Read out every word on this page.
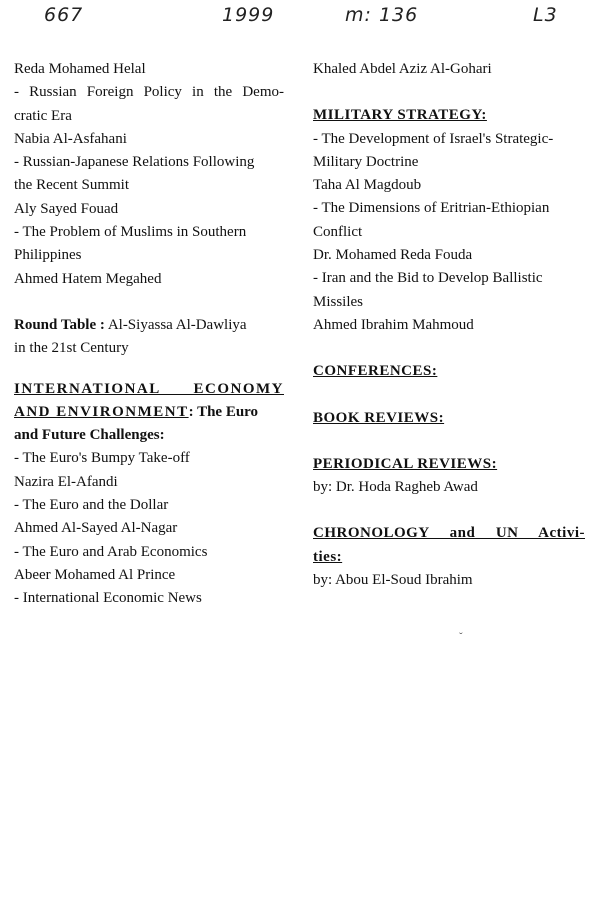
667	1999	m: 136	L3
Reda Mohamed Helal
- Russian Foreign Policy in the Demo-
cratic Era
Nabia Al-Asfahani
- Russian-Japanese Relations Following
the Recent Summit
Aly Sayed Fouad
- The Problem of Muslims in Southern
Philippines
Ahmed Hatem Megahed
Round Table : Al-Siyassa Al-Dawliya
in the 21st Century
INTERNATIONAL ECONOMY
AND ENVIRONMENT: The Euro
and Future Challenges:
- The Euro's Bumpy Take-off
Nazira El-Afandi
- The Euro and the Dollar
Ahmed Al-Sayed Al-Nagar
- The Euro and Arab Economics
Abeer Mohamed Al Prince
- International Economic News
Khaled Abdel Aziz Al-Gohari
MILITARY STRATEGY:
- The Development of Israel's Strategic-
Military Doctrine
Taha Al Magdoub
- The Dimensions of Eritrian-Ethiopian
Conflict
Dr. Mohamed Reda Fouda
- Iran and the Bid to Develop Ballistic
Missiles
Ahmed Ibrahim Mahmoud
CONFERENCES:
BOOK REVIEWS:
PERIODICAL REVIEWS:
by: Dr. Hoda Ragheb Awad
CHRONOLOGY and UN Activi-
ties:
by: Abou El-Soud Ibrahim
ˇ
